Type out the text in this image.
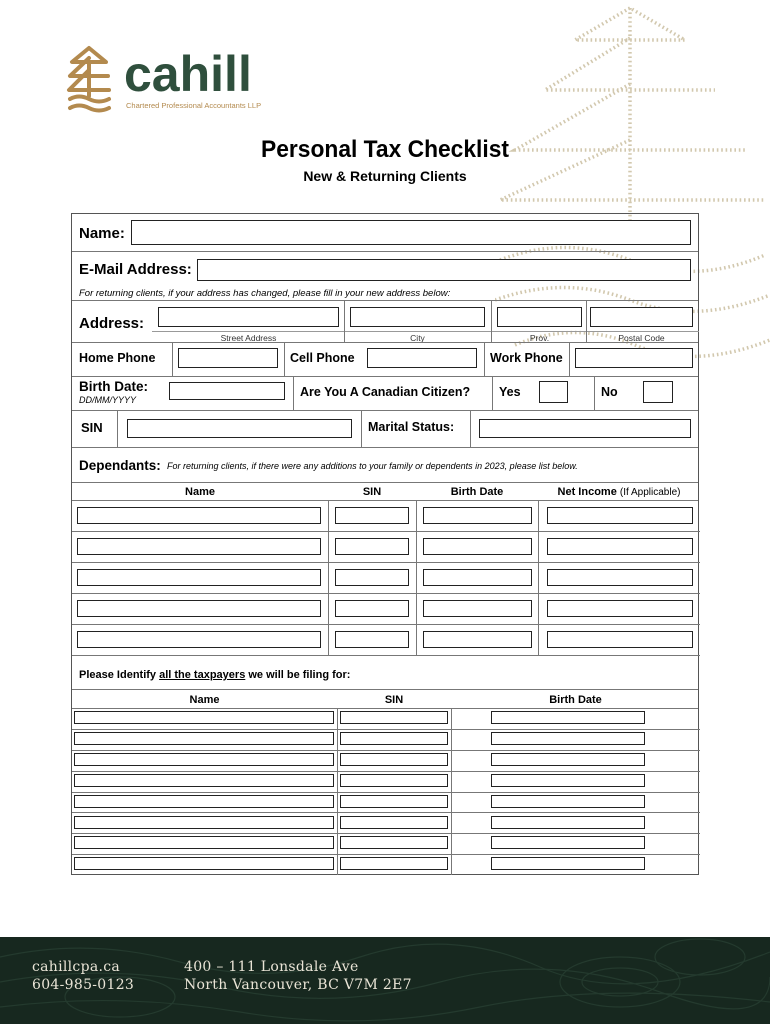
cahill
Chartered Professional Accountants LLP
Personal Tax Checklist
New & Returning Clients
Name:
E-Mail Address:
For returning clients, if your address has changed, please fill in your new address below:
Address:
Street Address	City	Prov.	Postal Code
Home Phone	Cell Phone	Work Phone
Birth Date:
DD/MM/YYYY
Are You A Canadian Citizen? Yes	No
SIN	Marital Status:
Dependants: For returning clients, if there were any additions to your family or dependents in 2023, please list below.
Name	SIN	Birth Date	Net Income (If Applicable)
Please Identify all the taxpayers we will be filing for:
Name	SIN	Birth Date
cahillcpa.ca
604-985-0123
400 – 111 Lonsdale Ave
North Vancouver, BC V7M 2E7
